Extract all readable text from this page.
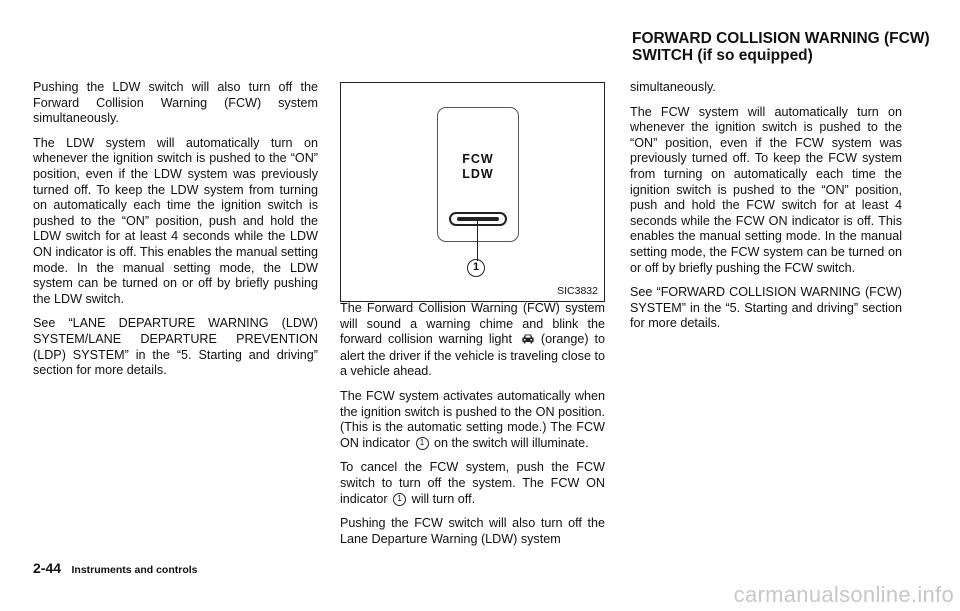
FORWARD COLLISION WARNING (FCW)
SWITCH (if so equipped)

Pushing the LDW switch will also turn off the Forward Collision Warning (FCW) system simultaneously.

The LDW system will automatically turn on whenever the ignition switch is pushed to the “ON” position, even if the LDW system was previously turned off. To keep the LDW system from turning on automatically each time the ignition switch is pushed to the “ON” position, push and hold the LDW switch for at least 4 seconds while the LDW ON indicator is off. This enables the manual setting mode. In the manual setting mode, the LDW system can be turned on or off by briefly pushing the LDW switch.

See “LANE DEPARTURE WARNING (LDW) SYSTEM/LANE DEPARTURE PREVENTION (LDP) SYSTEM” in the “5. Starting and driving” section for more details.

FCW
LDW
1
SIC3832

The Forward Collision Warning (FCW) system will sound a warning chime and blink the forward collision warning light (orange) to alert the driver if the vehicle is traveling close to a vehicle ahead.

The FCW system activates automatically when the ignition switch is pushed to the ON position. (This is the automatic setting mode.) The FCW ON indicator 1 on the switch will illuminate.

To cancel the FCW system, push the FCW switch to turn off the system. The FCW ON indicator 1 will turn off.

Pushing the FCW switch will also turn off the Lane Departure Warning (LDW) system

simultaneously.

The FCW system will automatically turn on whenever the ignition switch is pushed to the “ON” position, even if the FCW system was previously turned off. To keep the FCW system from turning on automatically each time the ignition switch is pushed to the “ON” position, push and hold the FCW switch for at least 4 seconds while the FCW ON indicator is off. This enables the manual setting mode. In the manual setting mode, the FCW system can be turned on or off by briefly pushing the FCW switch.

See “FORWARD COLLISION WARNING (FCW) SYSTEM” in the “5. Starting and driving” section for more details.

2-44 Instruments and controls
carmanualsonline.info
